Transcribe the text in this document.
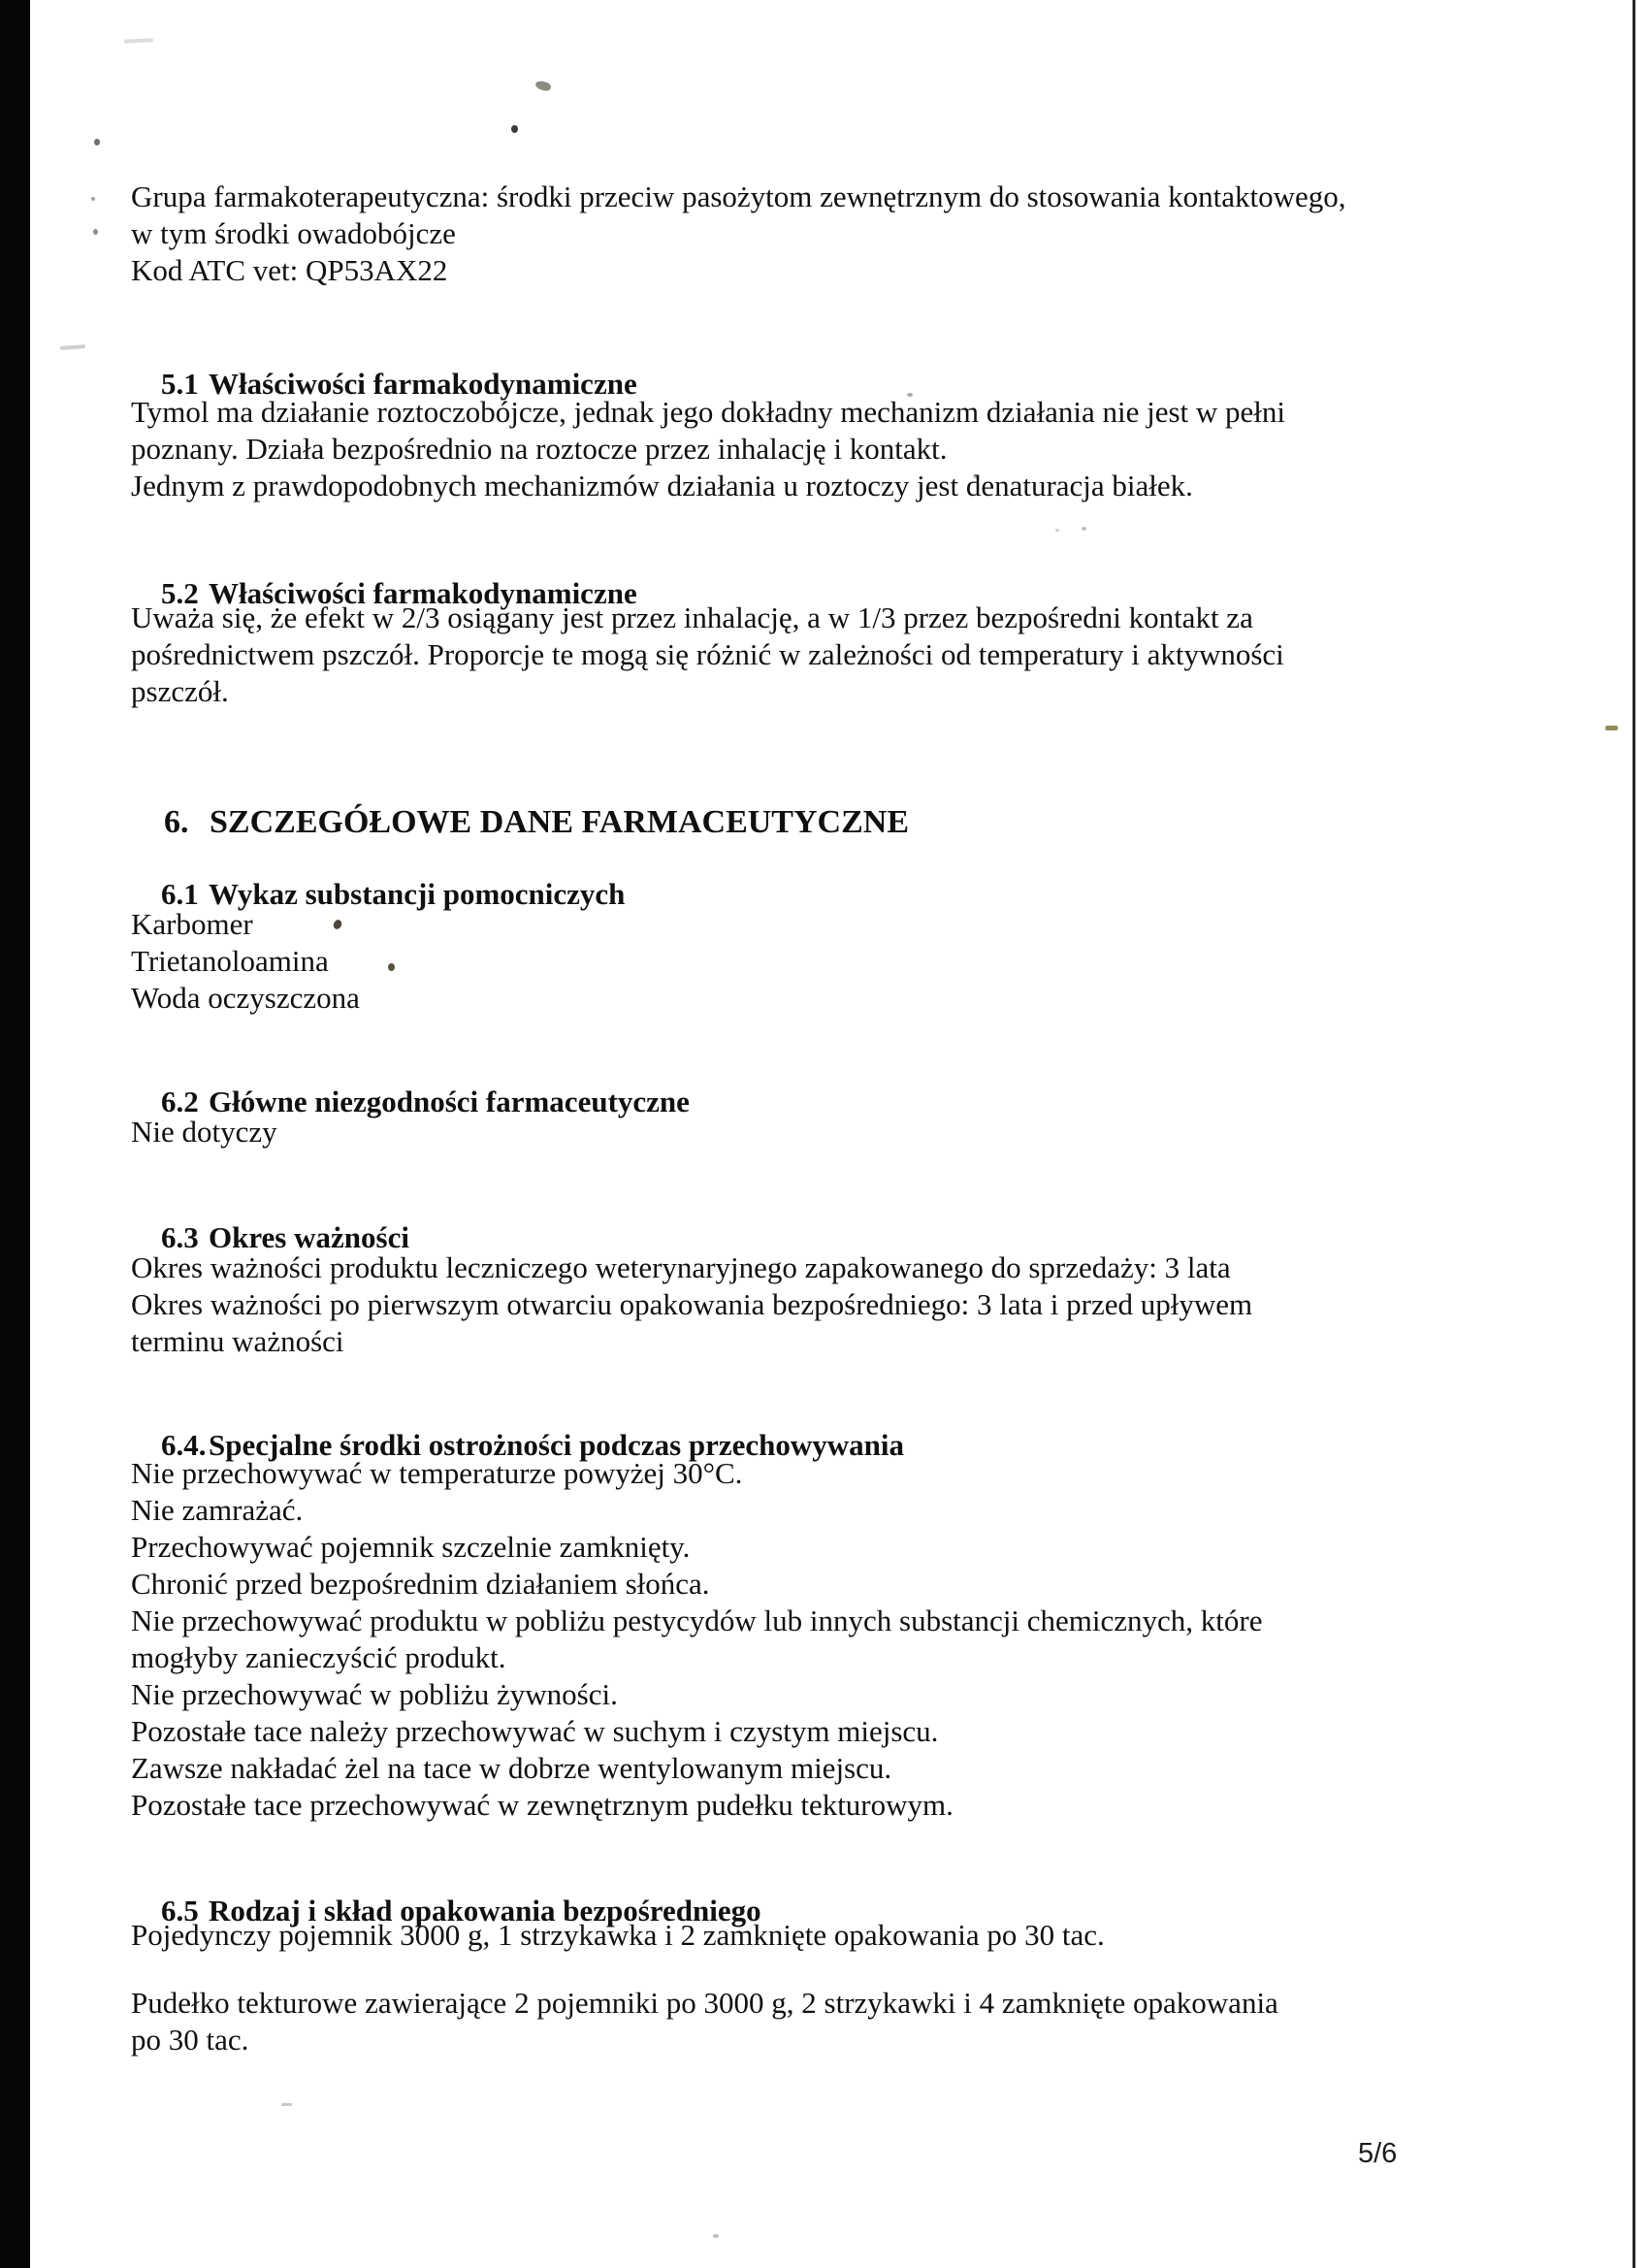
Grupa farmakoterapeutyczna: środki przeciw pasożytom zewnętrznym do stosowania kontaktowego,
w tym środki owadobójcze
Kod ATC vet: QP53AX22

5.1 Właściwości farmakodynamiczne

Tymol ma działanie roztoczobójcze, jednak jego dokładny mechanizm działania nie jest w pełni
poznany. Działa bezpośrednio na roztocze przez inhalację i kontakt.
Jednym z prawdopodobnych mechanizmów działania u roztoczy jest denaturacja białek.

5.2 Właściwości farmakodynamiczne

Uważa się, że efekt w 2/3 osiągany jest przez inhalację, a w 1/3 przez bezpośredni kontakt za
pośrednictwem pszczół. Proporcje te mogą się różnić w zależności od temperatury i aktywności
pszczół.

6. SZCZEGÓŁOWE DANE FARMACEUTYCZNE

6.1 Wykaz substancji pomocniczych

Karbomer
Trietanoloamina
Woda oczyszczona

6.2 Główne niezgodności farmaceutyczne

Nie dotyczy

6.3 Okres ważności

Okres ważności produktu leczniczego weterynaryjnego zapakowanego do sprzedaży: 3 lata
Okres ważności po pierwszym otwarciu opakowania bezpośredniego: 3 lata i przed upływem
terminu ważności

6.4.Specjalne środki ostrożności podczas przechowywania

Nie przechowywać w temperaturze powyżej 30°C.
Nie zamrażać.
Przechowywać pojemnik szczelnie zamknięty.
Chronić przed bezpośrednim działaniem słońca.
Nie przechowywać produktu w pobliżu pestycydów lub innych substancji chemicznych, które
mogłyby zanieczyścić produkt.
Nie przechowywać w pobliżu żywności.
Pozostałe tace należy przechowywać w suchym i czystym miejscu.
Zawsze nakładać żel na tace w dobrze wentylowanym miejscu.
Pozostałe tace przechowywać w zewnętrznym pudełku tekturowym.

6.5 Rodzaj i skład opakowania bezpośredniego

Pojedynczy pojemnik 3000 g, 1 strzykawka i 2 zamknięte opakowania po 30 tac.
Pudełko tekturowe zawierające 2 pojemniki po 3000 g, 2 strzykawki i 4 zamknięte opakowania
po 30 tac.
5/6
